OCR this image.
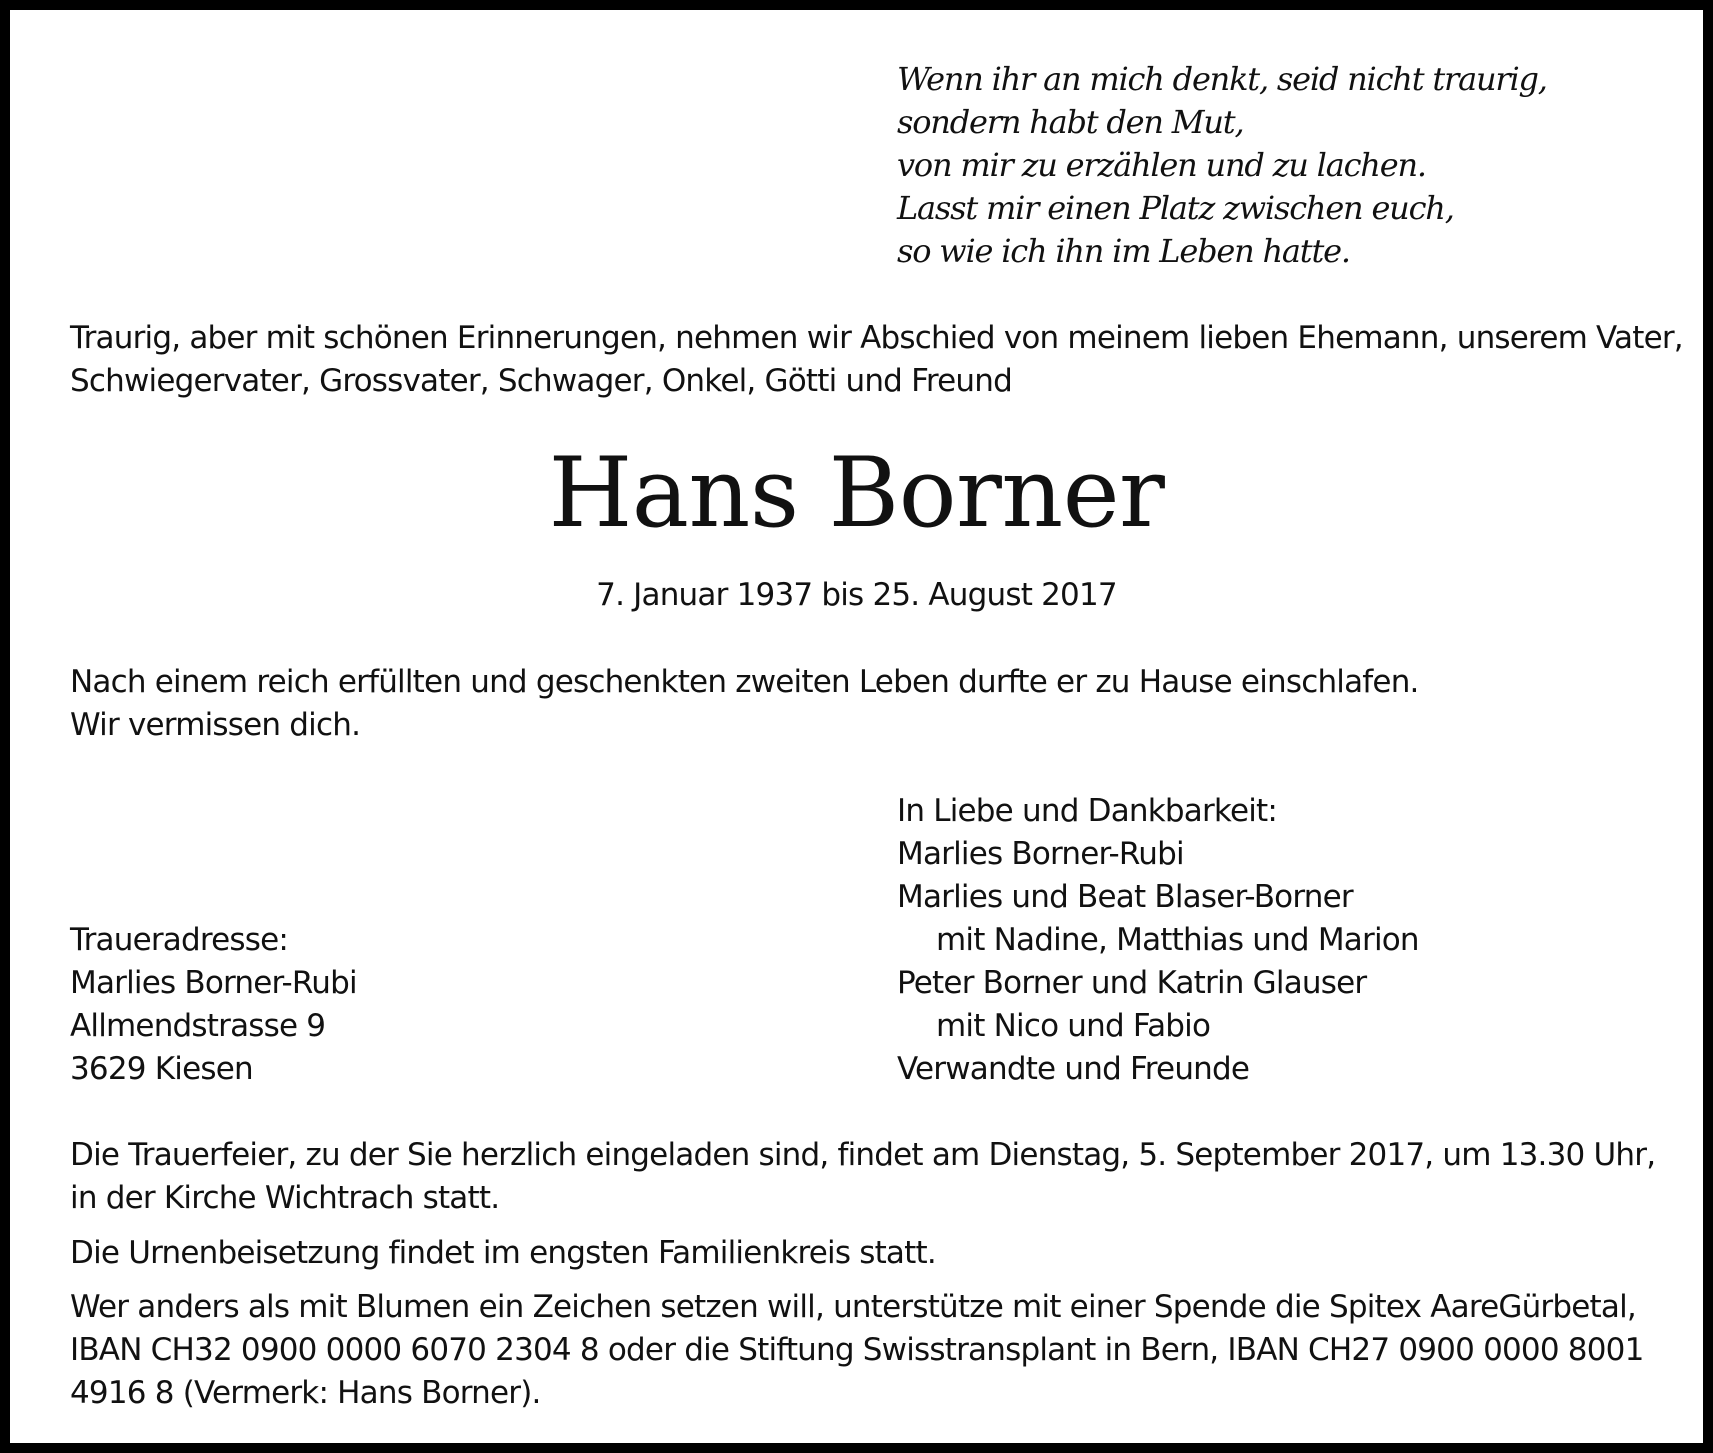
Wenn ihr an mich denkt, seid nicht traurig,
sondern habt den Mut,
von mir zu erzählen und zu lachen.
Lasst mir einen Platz zwischen euch,
so wie ich ihn im Leben hatte.
Traurig, aber mit schönen Erinnerungen, nehmen wir Abschied von meinem lieben Ehemann, unserem Vater,
Schwiegervater, Grossvater, Schwager, Onkel, Götti und Freund
Hans Borner
7. Januar 1937 bis 25. August 2017
Nach einem reich erfüllten und geschenkten zweiten Leben durfte er zu Hause einschlafen.
Wir vermissen dich.
In Liebe und Dankbarkeit:
Marlies Borner-Rubi
Marlies und Beat Blaser-Borner
mit Nadine, Matthias und Marion
Peter Borner und Katrin Glauser
mit Nico und Fabio
Verwandte und Freunde
Traueradresse:
Marlies Borner-Rubi
Allmendstrasse 9
3629 Kiesen
Die Trauerfeier, zu der Sie herzlich eingeladen sind, findet am Dienstag, 5. September 2017, um 13.30 Uhr,
in der Kirche Wichtrach statt.
Die Urnenbeisetzung findet im engsten Familienkreis statt.
Wer anders als mit Blumen ein Zeichen setzen will, unterstütze mit einer Spende die Spitex AareGürbetal,
IBAN CH32 0900 0000 6070 2304 8 oder die Stiftung Swisstransplant in Bern, IBAN CH27 0900 0000 8001
4916 8 (Vermerk: Hans Borner).
